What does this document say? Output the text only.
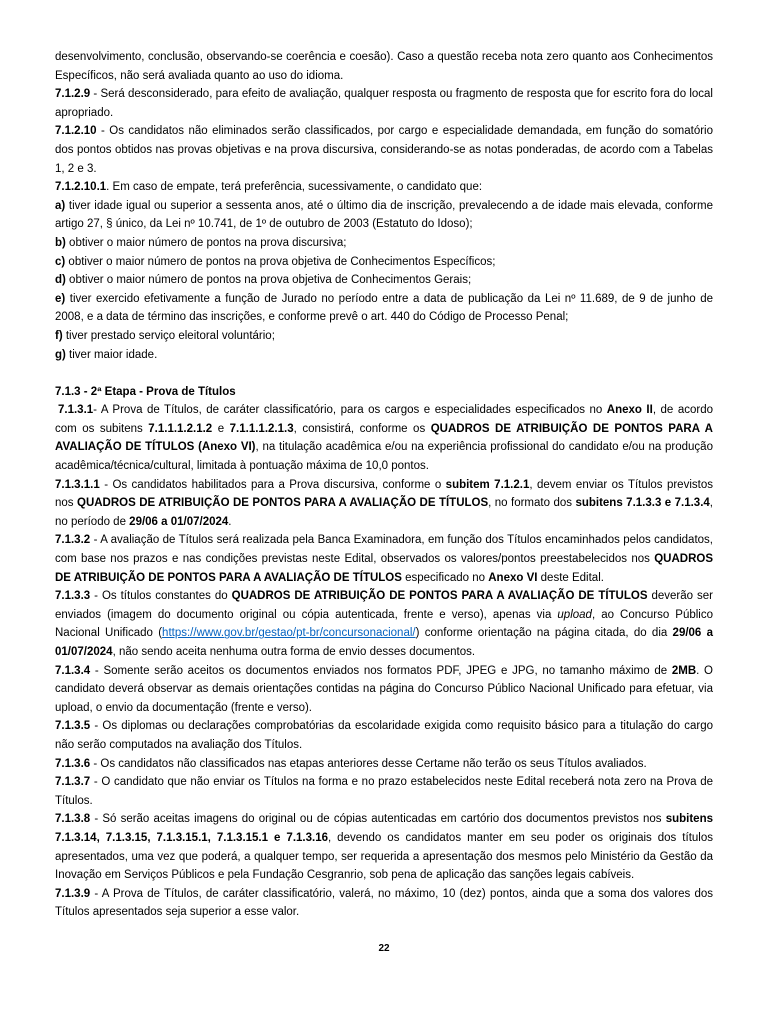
desenvolvimento, conclusão, observando-se coerência e coesão). Caso a questão receba nota zero quanto aos Conhecimentos Específicos, não será avaliada quanto ao uso do idioma.

7.1.2.9 - Será desconsiderado, para efeito de avaliação, qualquer resposta ou fragmento de resposta que for escrito fora do local apropriado.

7.1.2.10 - Os candidatos não eliminados serão classificados, por cargo e especialidade demandada, em função do somatório dos pontos obtidos nas provas objetivas e na prova discursiva, considerando-se as notas ponderadas, de acordo com a Tabelas 1, 2 e 3.

7.1.2.10.1. Em caso de empate, terá preferência, sucessivamente, o candidato que:

a) tiver idade igual ou superior a sessenta anos, até o último dia de inscrição, prevalecendo a de idade mais elevada, conforme artigo 27, § único, da Lei nº 10.741, de 1º de outubro de 2003 (Estatuto do Idoso);

b) obtiver o maior número de pontos na prova discursiva;

c) obtiver o maior número de pontos na prova objetiva de Conhecimentos Específicos;

d) obtiver o maior número de pontos na prova objetiva de Conhecimentos Gerais;

e) tiver exercido efetivamente a função de Jurado no período entre a data de publicação da Lei nº 11.689, de 9 de junho de 2008, e a data de término das inscrições, e conforme prevê o art. 440 do Código de Processo Penal;

f) tiver prestado serviço eleitoral voluntário;

g) tiver maior idade.

7.1.3 - 2ª Etapa - Prova de Títulos

7.1.3.1- A Prova de Títulos, de caráter classificatório, para os cargos e especialidades especificados no Anexo II, de acordo com os subitens 7.1.1.1.2.1.2 e 7.1.1.1.2.1.3, consistirá, conforme os QUADROS DE ATRIBUIÇÃO DE PONTOS PARA A AVALIAÇÃO DE TÍTULOS (Anexo VI), na titulação acadêmica e/ou na experiência profissional do candidato e/ou na produção acadêmica/técnica/cultural, limitada à pontuação máxima de 10,0 pontos.

7.1.3.1.1 - Os candidatos habilitados para a Prova discursiva, conforme o subitem 7.1.2.1, devem enviar os Títulos previstos nos QUADROS DE ATRIBUIÇÃO DE PONTOS PARA A AVALIAÇÃO DE TÍTULOS, no formato dos subitens 7.1.3.3 e 7.1.3.4, no período de 29/06 a 01/07/2024.

7.1.3.2 - A avaliação de Títulos será realizada pela Banca Examinadora, em função dos Títulos encaminhados pelos candidatos, com base nos prazos e nas condições previstas neste Edital, observados os valores/pontos preestabelecidos nos QUADROS DE ATRIBUIÇÃO DE PONTOS PARA A AVALIAÇÃO DE TÍTULOS especificado no Anexo VI deste Edital.

7.1.3.3 - Os títulos constantes do QUADROS DE ATRIBUIÇÃO DE PONTOS PARA A AVALIAÇÃO DE TÍTULOS deverão ser enviados (imagem do documento original ou cópia autenticada, frente e verso), apenas via upload, ao Concurso Público Nacional Unificado (https://www.gov.br/gestao/pt-br/concursonacional/) conforme orientação na página citada, do dia 29/06 a 01/07/2024, não sendo aceita nenhuma outra forma de envio desses documentos.

7.1.3.4 - Somente serão aceitos os documentos enviados nos formatos PDF, JPEG e JPG, no tamanho máximo de 2MB. O candidato deverá observar as demais orientações contidas na página do Concurso Público Nacional Unificado para efetuar, via upload, o envio da documentação (frente e verso).

7.1.3.5 - Os diplomas ou declarações comprobatórias da escolaridade exigida como requisito básico para a titulação do cargo não serão computados na avaliação dos Títulos.

7.1.3.6 - Os candidatos não classificados nas etapas anteriores desse Certame não terão os seus Títulos avaliados.

7.1.3.7 - O candidato que não enviar os Títulos na forma e no prazo estabelecidos neste Edital receberá nota zero na Prova de Títulos.

7.1.3.8 - Só serão aceitas imagens do original ou de cópias autenticadas em cartório dos documentos previstos nos subitens 7.1.3.14, 7.1.3.15, 7.1.3.15.1, 7.1.3.15.1 e 7.1.3.16, devendo os candidatos manter em seu poder os originais dos títulos apresentados, uma vez que poderá, a qualquer tempo, ser requerida a apresentação dos mesmos pelo Ministério da Gestão da Inovação em Serviços Públicos e pela Fundação Cesgranrio, sob pena de aplicação das sanções legais cabíveis.

7.1.3.9 - A Prova de Títulos, de caráter classificatório, valerá, no máximo, 10 (dez) pontos, ainda que a soma dos valores dos Títulos apresentados seja superior a esse valor.

22
